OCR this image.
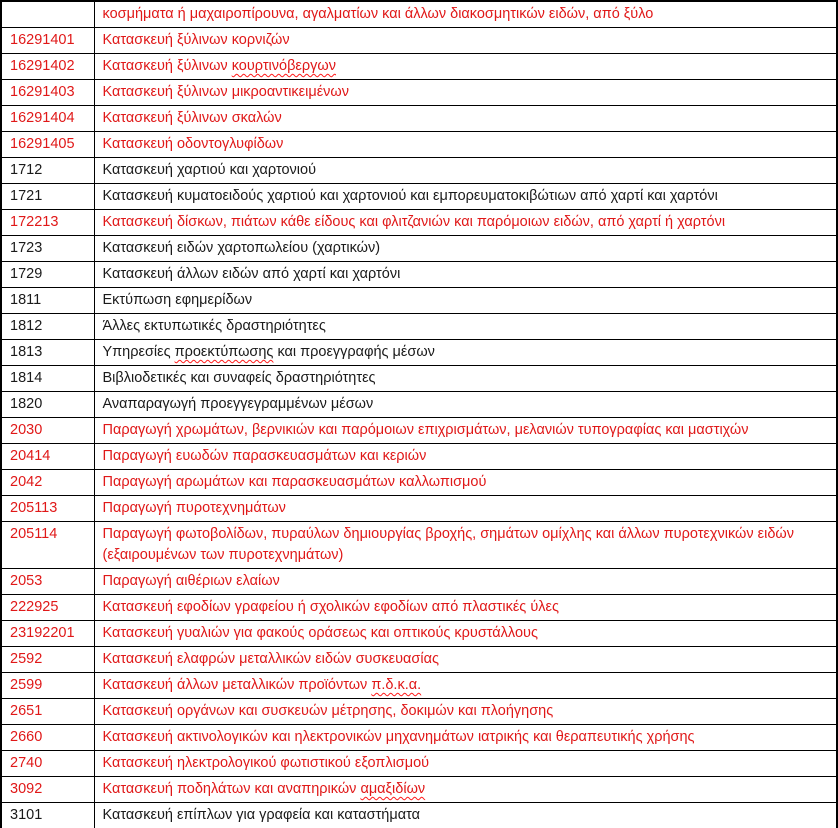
	κοσμήματα ή μαχαιροπίρουνα, αγαλματίων και άλλων διακοσμητικών ειδών, από ξύλο
16291401	Κατασκευή ξύλινων κορνιζών
16291402	Κατασκευή ξύλινων κουρτινόβεργων
16291403	Κατασκευή ξύλινων μικροαντικειμένων
16291404	Κατασκευή ξύλινων σκαλών
16291405	Κατασκευή οδοντογλυφίδων
1712	Κατασκευή χαρτιού και χαρτονιού
1721	Κατασκευή κυματοειδούς χαρτιού και χαρτονιού και εμπορευματοκιβώτιων από χαρτί και χαρτόνι
172213	Κατασκευή δίσκων, πιάτων κάθε είδους και φλιτζανιών και παρόμοιων ειδών, από χαρτί ή χαρτόνι
1723	Κατασκευή ειδών χαρτοπωλείου (χαρτικών)
1729	Κατασκευή άλλων ειδών από χαρτί και χαρτόνι
1811	Εκτύπωση εφημερίδων
1812	Άλλες εκτυπωτικές δραστηριότητες
1813	Υπηρεσίες προεκτύπωσης και προεγγραφής μέσων
1814	Βιβλιοδετικές και συναφείς δραστηριότητες
1820	Αναπαραγωγή προεγγεγραμμένων μέσων
2030	Παραγωγή χρωμάτων, βερνικιών και παρόμοιων επιχρισμάτων, μελανιών τυπογραφίας και μαστιχών
20414	Παραγωγή ευωδών παρασκευασμάτων και κεριών
2042	Παραγωγή αρωμάτων και παρασκευασμάτων καλλωπισμού
205113	Παραγωγή πυροτεχνημάτων
205114	Παραγωγή φωτοβολίδων, πυραύλων δημιουργίας βροχής, σημάτων ομίχλης και άλλων πυροτεχνικών ειδών (εξαιρουμένων των πυροτεχνημάτων)
2053	Παραγωγή αιθέριων ελαίων
222925	Κατασκευή εφοδίων γραφείου ή σχολικών εφοδίων από πλαστικές ύλες
23192201	Κατασκευή γυαλιών για φακούς οράσεως και οπτικούς κρυστάλλους
2592	Κατασκευή ελαφρών μεταλλικών ειδών συσκευασίας
2599	Κατασκευή άλλων μεταλλικών προϊόντων π.δ.κ.α.
2651	Κατασκευή οργάνων και συσκευών μέτρησης, δοκιμών και πλοήγησης
2660	Κατασκευή ακτινολογικών και ηλεκτρονικών μηχανημάτων ιατρικής και θεραπευτικής χρήσης
2740	Κατασκευή ηλεκτρολογικού φωτιστικού εξοπλισμού
3092	Κατασκευή ποδηλάτων και αναπηρικών αμαξιδίων
3101	Κατασκευή επίπλων για γραφεία και καταστήματα
